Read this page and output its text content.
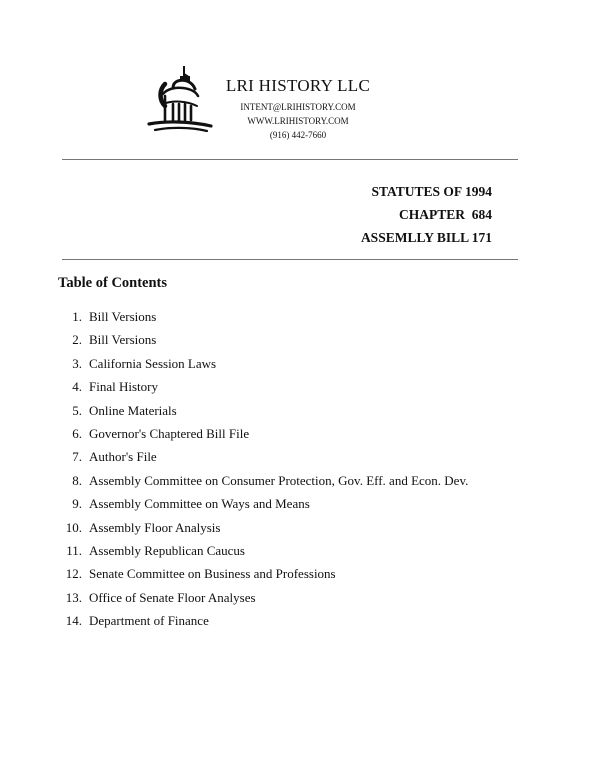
LRI HISTORY LLC
INTENT@LRIHISTORY.COM
WWW.LRIHISTORY.COM
(916) 442-7660
STATUTES OF 1994
CHAPTER  684
ASSEMLLY BILL 171
Table of Contents
1. Bill Versions
2. Bill Versions
3. California Session Laws
4. Final History
5. Online Materials
6. Governor's Chaptered Bill File
7. Author's File
8. Assembly Committee on Consumer Protection, Gov. Eff. and Econ. Dev.
9. Assembly Committee on Ways and Means
10. Assembly Floor Analysis
11. Assembly Republican Caucus
12. Senate Committee on Business and Professions
13. Office of Senate Floor Analyses
14. Department of Finance
